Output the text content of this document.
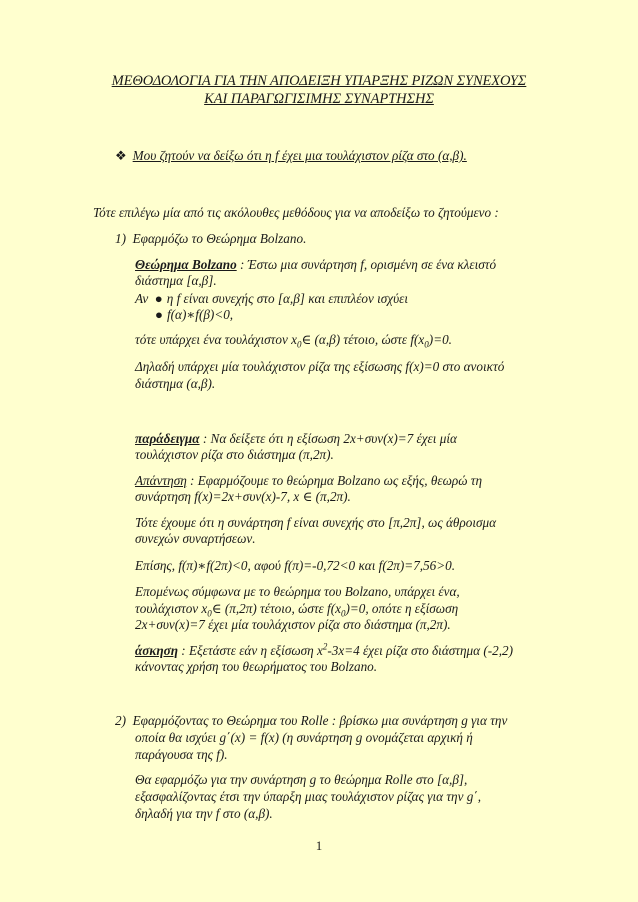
ΜΕΘΟΔΟΛΟΓΙΑ ΓΙΑ ΤΗΝ ΑΠΟΔΕΙΞΗ ΥΠΑΡΞΗΣ ΡΙΖΩΝ ΣΥΝΕΧΟΥΣ
ΚΑΙ ΠΑΡΑΓΩΓΙΣΙΜΗΣ ΣΥΝΑΡΤΗΣΗΣ
❖ Μου ζητούν να δείξω ότι η f έχει μια τουλάχιστον ρίζα στο (α,β).
Τότε επιλέγω μία από τις ακόλουθες μεθόδους για να αποδείξω το ζητούμενο :
1) Εφαρμόζω το Θεώρημα Bolzano.
Θεώρημα Bolzano : Έστω μια συνάρτηση f, ορισμένη σε ένα κλειστό
διάστημα [α,β].
Αν ● η f είναι συνεχής στο [α,β] και επιπλέον ισχύει
● f(α)∗f(β)<0,
τότε υπάρχει ένα τουλάχιστον $x_0\in$ (α,β) τέτοιο, ώστε $f(x_0)=0$.
Δηλαδή υπάρχει μία τουλάχιστον ρίζα της εξίσωσης f(x)=0 στο ανοικτό
διάστημα (α,β).
παράδειγμα : Να δείξετε ότι η εξίσωση 2x+συν(x)=7 έχει μία
τουλάχιστον ρίζα στο διάστημα (π,2π).
Απάντηση : Εφαρμόζουμε το θεώρημα Bolzano ως εξής, θεωρώ τη
συνάρτηση f(x)=2x+συν(x)-7, x ∈ (π,2π).
Τότε έχουμε ότι η συνάρτηση f είναι συνεχής στο [π,2π], ως άθροισμα
συνεχών συναρτήσεων.
Επίσης, f(π)∗f(2π)<0, αφού f(π)=-0,72<0 και f(2π)=7,56>0.
Επομένως σύμφωνα με το θεώρημα του Bolzano, υπάρχει ένα,
τουλάχιστον $x_0\in$ (π,2π) τέτοιο, ώστε $f(x_0)=0$, οπότε η εξίσωση
2x+συν(x)=7 έχει μία τουλάχιστον ρίζα στο διάστημα (π,2π).
άσκηση : Εξετάστε εάν η εξίσωση $x^2-3x=4$ έχει ρίζα στο διάστημα (-2,2)
κάνοντας χρήση του θεωρήματος του Bolzano.
2) Εφαρμόζοντας το Θεώρημα του Rolle : βρίσκω μια συνάρτηση g για την
οποία θα ισχύει g΄(x) = f(x) (η συνάρτηση g ονομάζεται αρχική ή
παράγουσα της f).
Θα εφαρμόζω για την συνάρτηση g το θεώρημα Rolle στο [α,β],
εξασφαλίζοντας έτσι την ύπαρξη μιας τουλάχιστον ρίζας για την g΄,
δηλαδή για την f στο (α,β).
1
